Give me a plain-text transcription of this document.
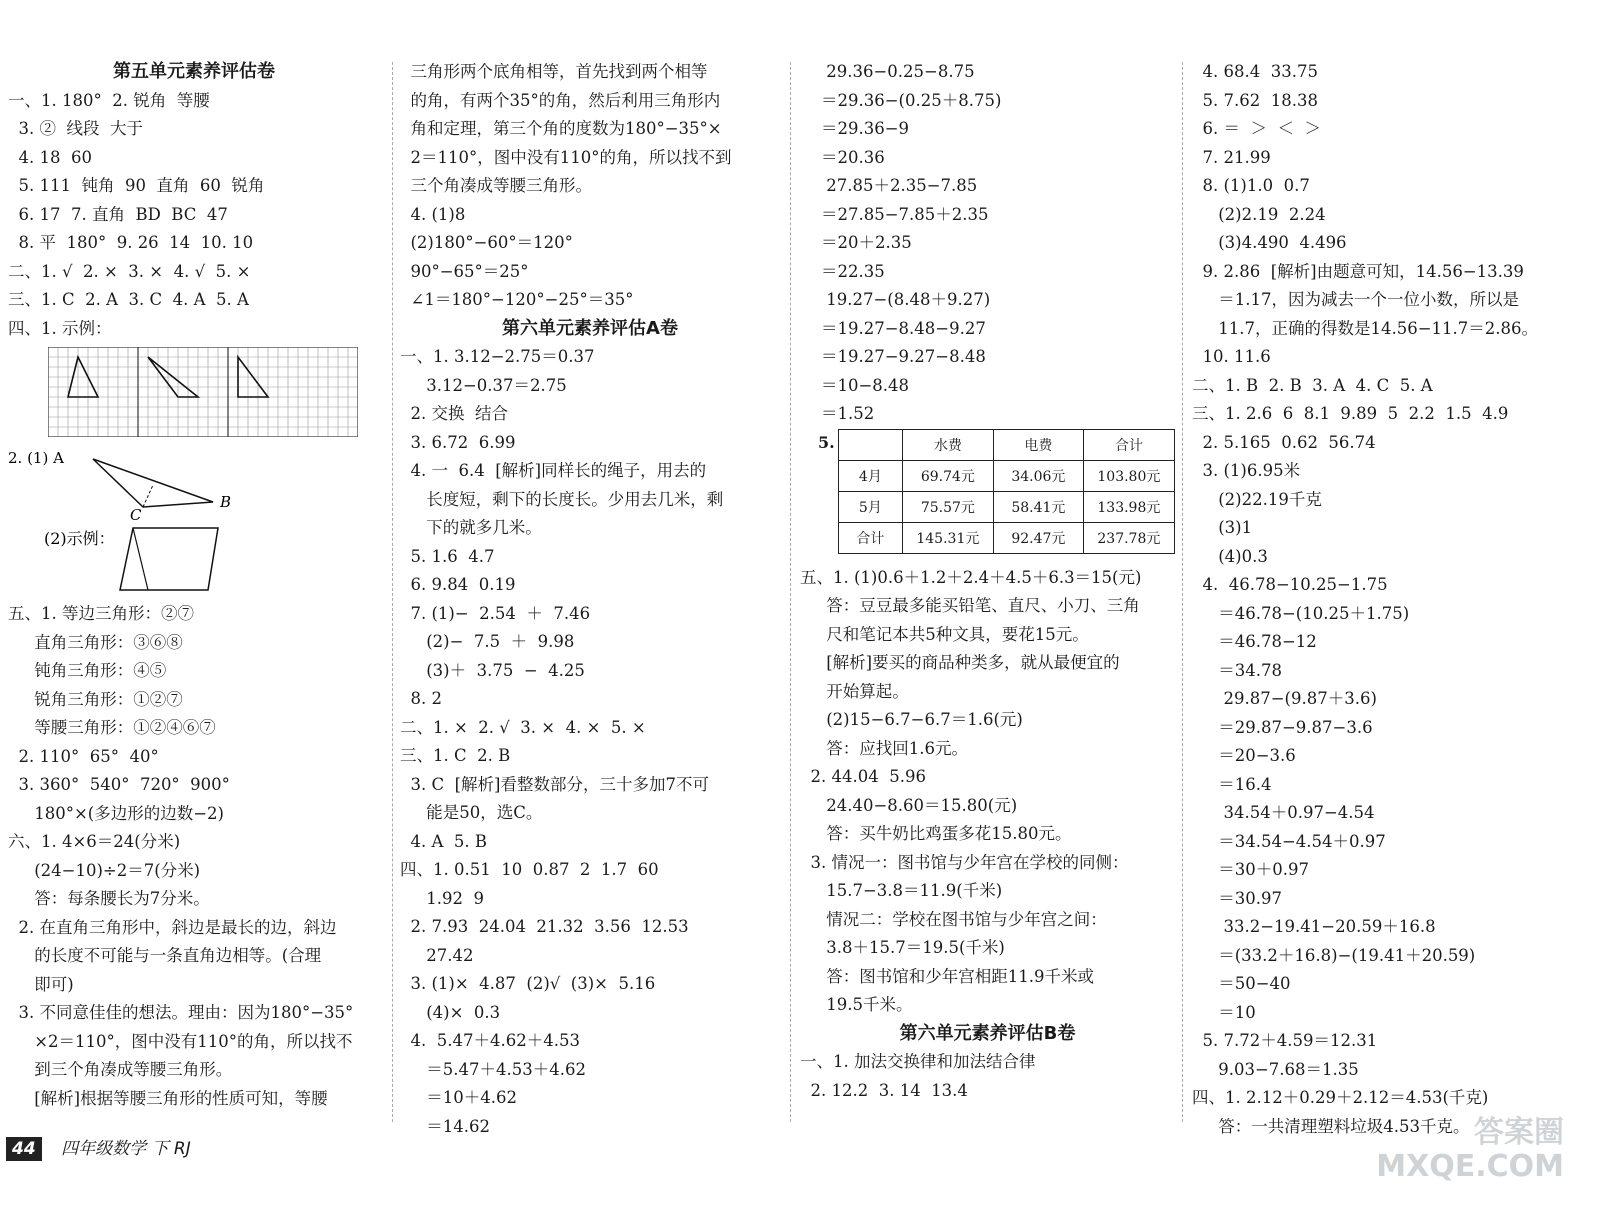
第五单元素养评估卷
一、1. 180°  2. 锐角  等腰
3. ②  线段  大于
4. 18  60
5. 111  钝角  90  直角  60  锐角
6. 17  7. 直角  BD  BC  47
8. 平  180°  9. 26  14  10. 10
二、1. √  2. ×  3. ×  4. √  5. ×
三、1. C  2. A  3. C  4. A  5. A
四、1. 示例：
2. (1) A
C
B
(2)示例：
五、1. 等边三角形：②⑦
直角三角形：③⑥⑧
钝角三角形：④⑤
锐角三角形：①②⑦
等腰三角形：①②④⑥⑦
2. 110°  65°  40°
3. 360°  540°  720°  900°
180°×(多边形的边数−2)
六、1. 4×6＝24(分米)
(24−10)÷2＝7(分米)
答：每条腰长为7分米。
2. 在直角三角形中，斜边是最长的边，斜边
的长度不可能与一条直角边相等。(合理
即可)
3. 不同意佳佳的想法。理由：因为180°−35°
×2＝110°，图中没有110°的角，所以找不
到三个角凑成等腰三角形。
[解析]根据等腰三角形的性质可知，等腰
三角形两个底角相等，首先找到两个相等
的角，有两个35°的角，然后利用三角形内
角和定理，第三个角的度数为180°−35°×
2＝110°，图中没有110°的角，所以找不到
三个角凑成等腰三角形。
4. (1)8
(2)180°−60°＝120°
90°−65°＝25°
∠1＝180°−120°−25°＝35°
第六单元素养评估A卷
一、1. 3.12−2.75＝0.37
3.12−0.37＝2.75
2. 交换  结合
3. 6.72  6.99
4. 一  6.4  [解析]同样长的绳子，用去的
长度短，剩下的长度长。少用去几米，剩
下的就多几米。
5. 1.6  4.7
6. 9.84  0.19
7. (1)−  2.54  ＋  7.46
(2)−  7.5  ＋  9.98
(3)＋  3.75  −  4.25
8. 2
二、1. ×  2. √  3. ×  4. ×  5. ×
三、1. C  2. B
3. C  [解析]看整数部分，三十多加7不可
能是50，选C。
4. A  5. B
四、1. 0.51  10  0.87  2  1.7  60
1.92  9
2. 7.93  24.04  21.32  3.56  12.53
27.42
3. (1)×  4.87  (2)√  (3)×  5.16
(4)×  0.3
4.  5.47＋4.62＋4.53
＝5.47＋4.53＋4.62
＝10＋4.62
＝14.62
29.36−0.25−8.75
＝29.36−(0.25＋8.75)
＝29.36−9
＝20.36
27.85＋2.35−7.85
＝27.85−7.85＋2.35
＝20＋2.35
＝22.35
19.27−(8.48＋9.27)
＝19.27−8.48−9.27
＝19.27−9.27−8.48
＝10−8.48
＝1.52
5.
		水费	电费	合计
4月	69.74元	34.06元	103.80元
5月	75.57元	58.41元	133.98元
合计	145.31元	92.47元	237.78元
五、1. (1)0.6＋1.2＋2.4＋4.5＋6.3＝15(元)
答：豆豆最多能买铅笔、直尺、小刀、三角
尺和笔记本共5种文具，要花15元。
[解析]要买的商品种类多，就从最便宜的
开始算起。
(2)15−6.7−6.7＝1.6(元)
答：应找回1.6元。
2. 44.04  5.96
24.40−8.60＝15.80(元)
答：买牛奶比鸡蛋多花15.80元。
3. 情况一：图书馆与少年宫在学校的同侧：
15.7−3.8＝11.9(千米)
情况二：学校在图书馆与少年宫之间：
3.8＋15.7＝19.5(千米)
答：图书馆和少年宫相距11.9千米或
19.5千米。
第六单元素养评估B卷
一、1. 加法交换律和加法结合律
2. 12.2  3. 14  13.4
4. 68.4  33.75
5. 7.62  18.38
6. ＝  ＞  ＜  ＞
7. 21.99
8. (1)1.0  0.7
(2)2.19  2.24
(3)4.490  4.496
9. 2.86  [解析]由题意可知，14.56−13.39
＝1.17，因为减去一个一位小数，所以是
11.7，正确的得数是14.56−11.7＝2.86。
10. 11.6
二、1. B  2. B  3. A  4. C  5. A
三、1. 2.6  6  8.1  9.89  5  2.2  1.5  4.9
2. 5.165  0.62  56.74
3. (1)6.95米
(2)22.19千克
(3)1
(4)0.3
4.  46.78−10.25−1.75
＝46.78−(10.25＋1.75)
＝46.78−12
＝34.78
29.87−(9.87＋3.6)
＝29.87−9.87−3.6
＝20−3.6
＝16.4
34.54＋0.97−4.54
＝34.54−4.54＋0.97
＝30＋0.97
＝30.97
33.2−19.41−20.59＋16.8
＝(33.2＋16.8)−(19.41＋20.59)
＝50−40
＝10
5. 7.72＋4.59＝12.31
9.03−7.68＝1.35
四、1. 2.12＋0.29＋2.12＝4.53(千克)
答：一共清理塑料垃圾4.53千克。
44 四年级数学 下 RJ	答案圈
MXQE.COM
